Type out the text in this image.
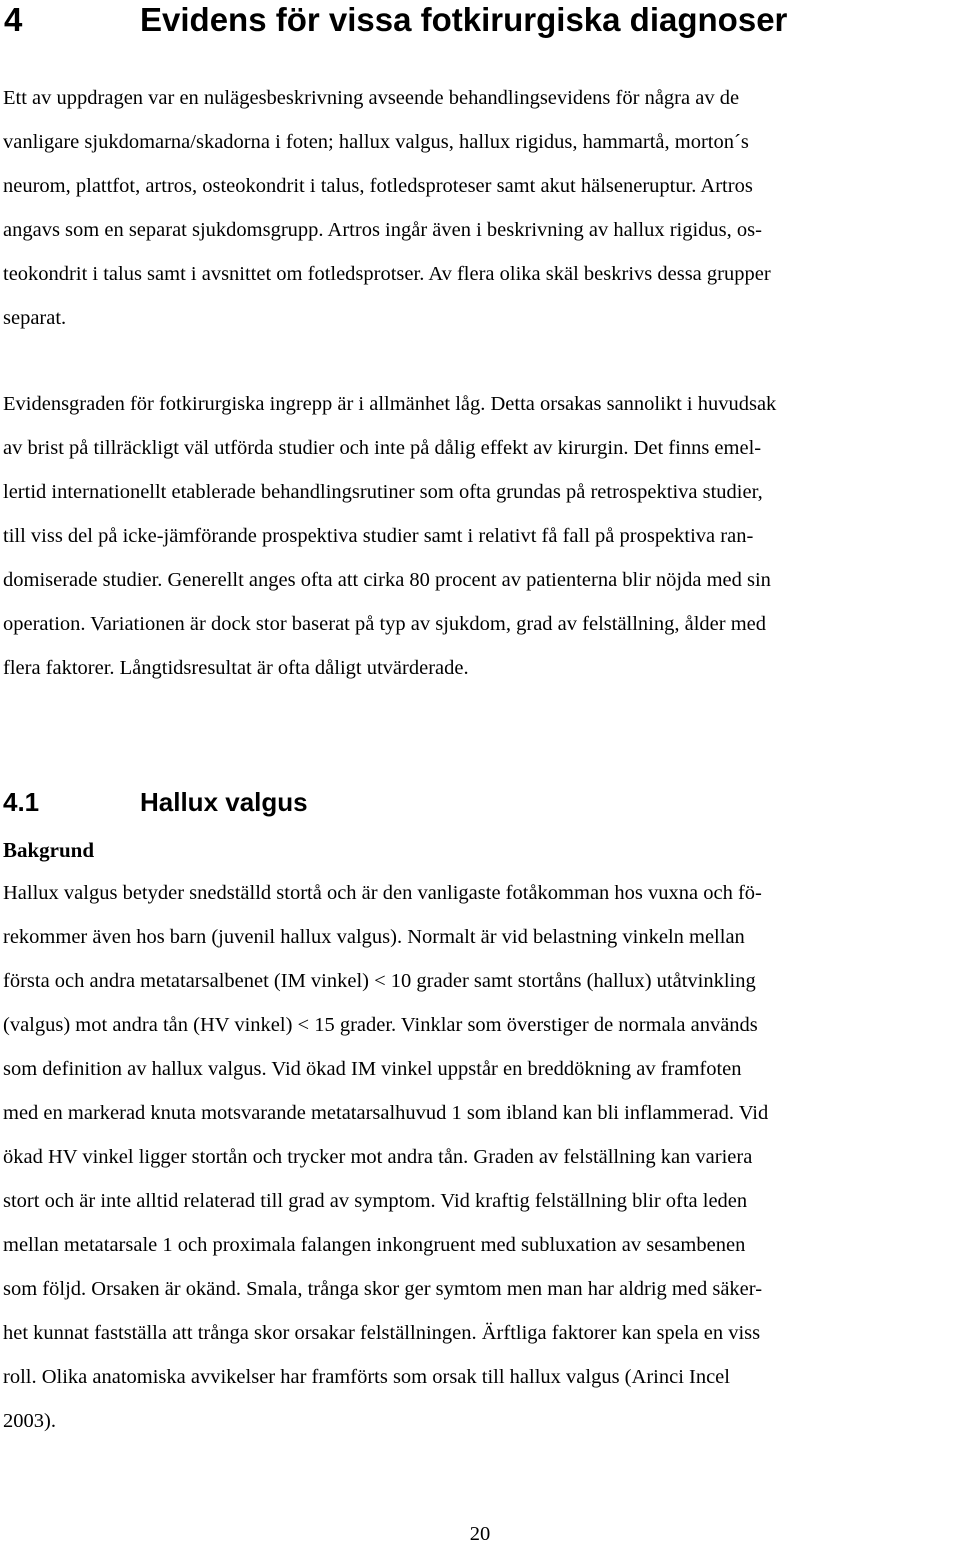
4	Evidens för vissa fotkirurgiska diagnoser

Ett av uppdragen var en nulägesbeskrivning avseende behandlingsevidens för några av de
vanligare sjukdomarna/skadorna i foten; hallux valgus, hallux rigidus, hammartå, morton´s
neurom, plattfot, artros, osteokondrit i talus, fotledsproteser samt akut hälseneruptur. Artros
angavs som en separat sjukdomsgrupp. Artros ingår även i beskrivning av hallux rigidus, os-
teokondrit i talus samt i avsnittet om fotledsprotser. Av flera olika skäl beskrivs dessa grupper
separat.

Evidensgraden för fotkirurgiska ingrepp är i allmänhet låg. Detta orsakas sannolikt i huvudsak
av brist på tillräckligt väl utförda studier och inte på dålig effekt av kirurgin. Det finns emel-
lertid internationellt etablerade behandlingsrutiner som ofta grundas på retrospektiva studier,
till viss del på icke-jämförande prospektiva studier samt i relativt få fall på prospektiva ran-
domiserade studier. Generellt anges ofta att cirka 80 procent av patienterna blir nöjda med sin
operation. Variationen är dock stor baserat på typ av sjukdom, grad av felställning, ålder med
flera faktorer. Långtidsresultat är ofta dåligt utvärderade.

4.1	Hallux valgus
Bakgrund

Hallux valgus betyder snedställd stortå och är den vanligaste fotåkomman hos vuxna och fö-
rekommer även hos barn (juvenil hallux valgus). Normalt är vid belastning vinkeln mellan
första och andra metatarsalbenet (IM vinkel) < 10 grader samt stortåns (hallux) utåtvinkling
(valgus) mot andra tån (HV vinkel) < 15 grader. Vinklar som överstiger de normala används
som definition av hallux valgus. Vid ökad IM vinkel uppstår en breddökning av framfoten
med en markerad knuta motsvarande metatarsalhuvud 1 som ibland kan bli inflammerad. Vid
ökad HV vinkel ligger stortån och trycker mot andra tån. Graden av felställning kan variera
stort och är inte alltid relaterad till grad av symptom. Vid kraftig felställning blir ofta leden
mellan metatarsale 1 och proximala falangen inkongruent med subluxation av sesambenen
som följd. Orsaken är okänd. Smala, trånga skor ger symtom men man har aldrig med säker-
het kunnat fastställa att trånga skor orsakar felställningen. Ärftliga faktorer kan spela en viss
roll. Olika anatomiska avvikelser har framförts som orsak till hallux valgus (Arinci Incel
2003).

20
